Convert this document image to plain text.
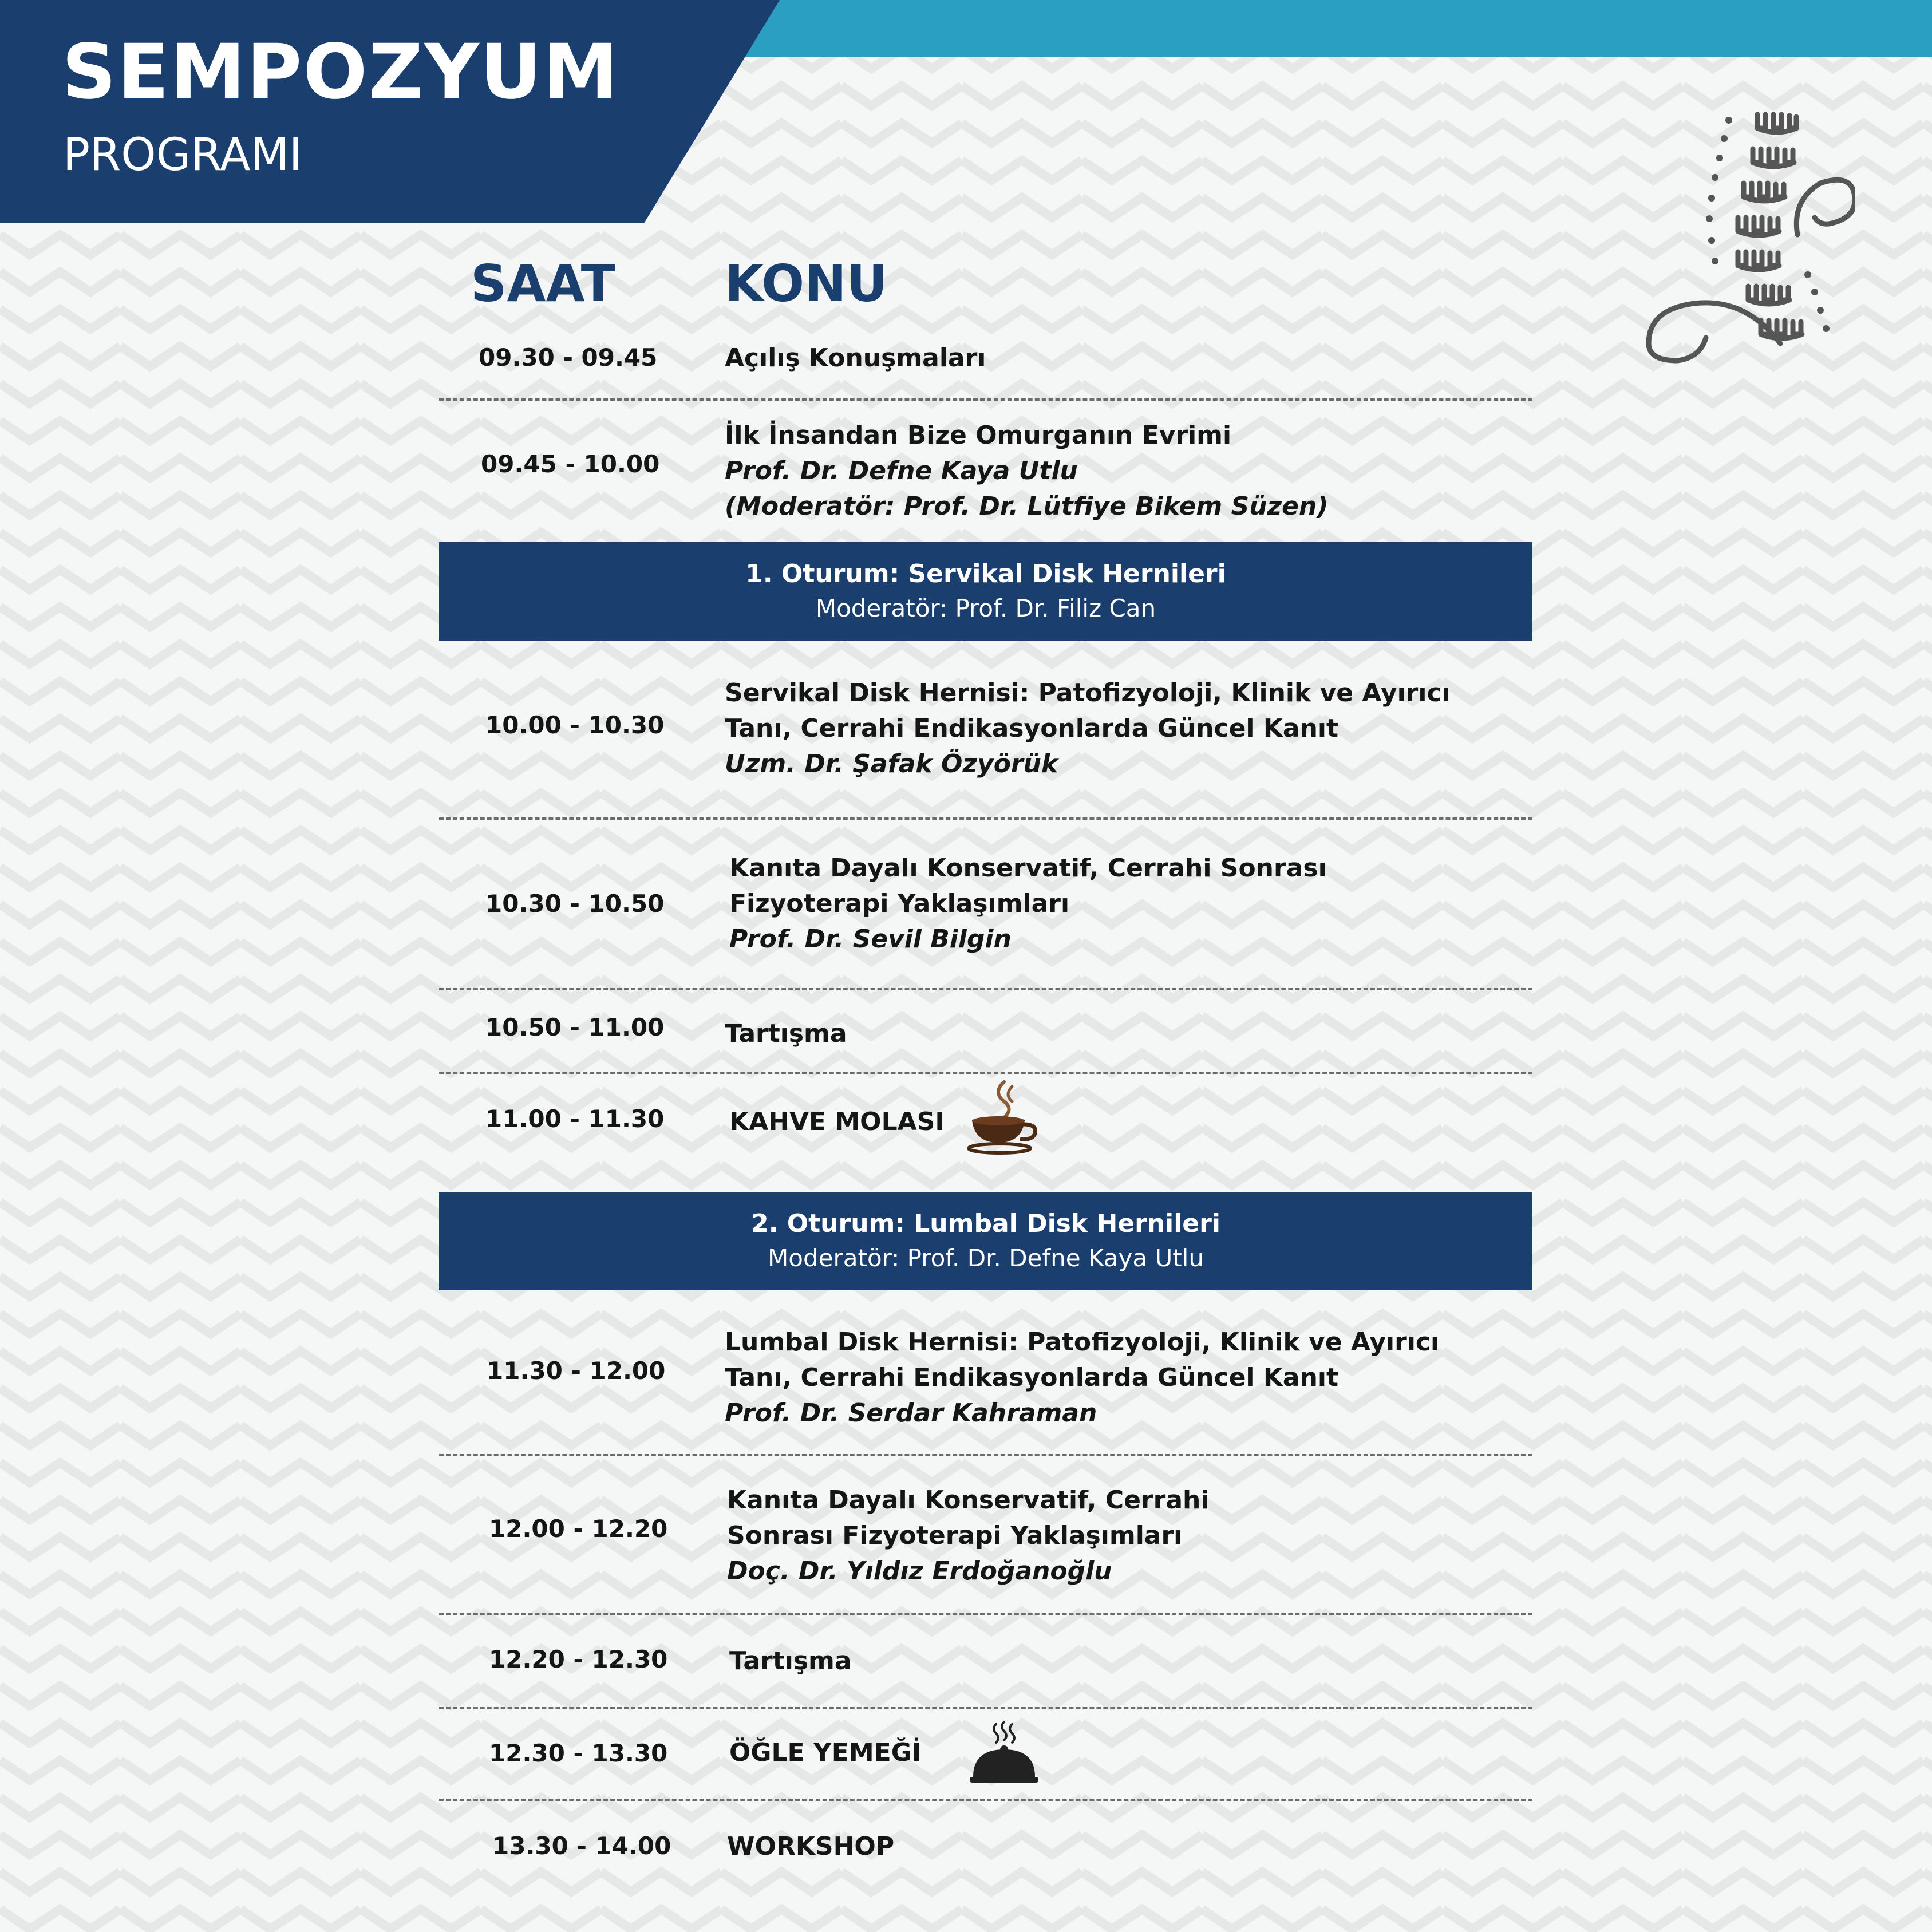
SEMPOZYUM
PROGRAMI
SAAT KONU
09.30 - 09.45	Açılış Konuşmaları
09.45 - 10.00
İlk İnsandan Bize Omurganın Evrimi
Prof. Dr. Defne Kaya Utlu
(Moderatör: Prof. Dr. Lütfiye Bikem Süzen)
1. Oturum: Servikal Disk Hernileri
Moderatör: Prof. Dr. Filiz Can
10.00 - 10.30
Servikal Disk Hernisi: Patofizyoloji, Klinik ve Ayırıcı
Tanı, Cerrahi Endikasyonlarda Güncel Kanıt
Uzm. Dr. Şafak Özyörük
10.30 - 10.50
Kanıta Dayalı Konservatif, Cerrahi Sonrası
Fizyoterapi Yaklaşımları
Prof. Dr. Sevil Bilgin
10.50 - 11.00 Tartışma
11.00 - 11.30	KAHVE MOLASI
2. Oturum: Lumbal Disk Hernileri
Moderatör: Prof. Dr. Defne Kaya Utlu
11.30 - 12.00
Lumbal Disk Hernisi: Patofizyoloji, Klinik ve Ayırıcı
Tanı, Cerrahi Endikasyonlarda Güncel Kanıt
Prof. Dr. Serdar Kahraman
12.00 - 12.20
Kanıta Dayalı Konservatif, Cerrahi
Sonrası Fizyoterapi Yaklaşımları
Doç. Dr. Yıldız Erdoğanoğlu
12.20 - 12.30 Tartışma
12.30 - 13.30 ÖĞLE YEMEĞİ
13.30 - 14.00 WORKSHOP
